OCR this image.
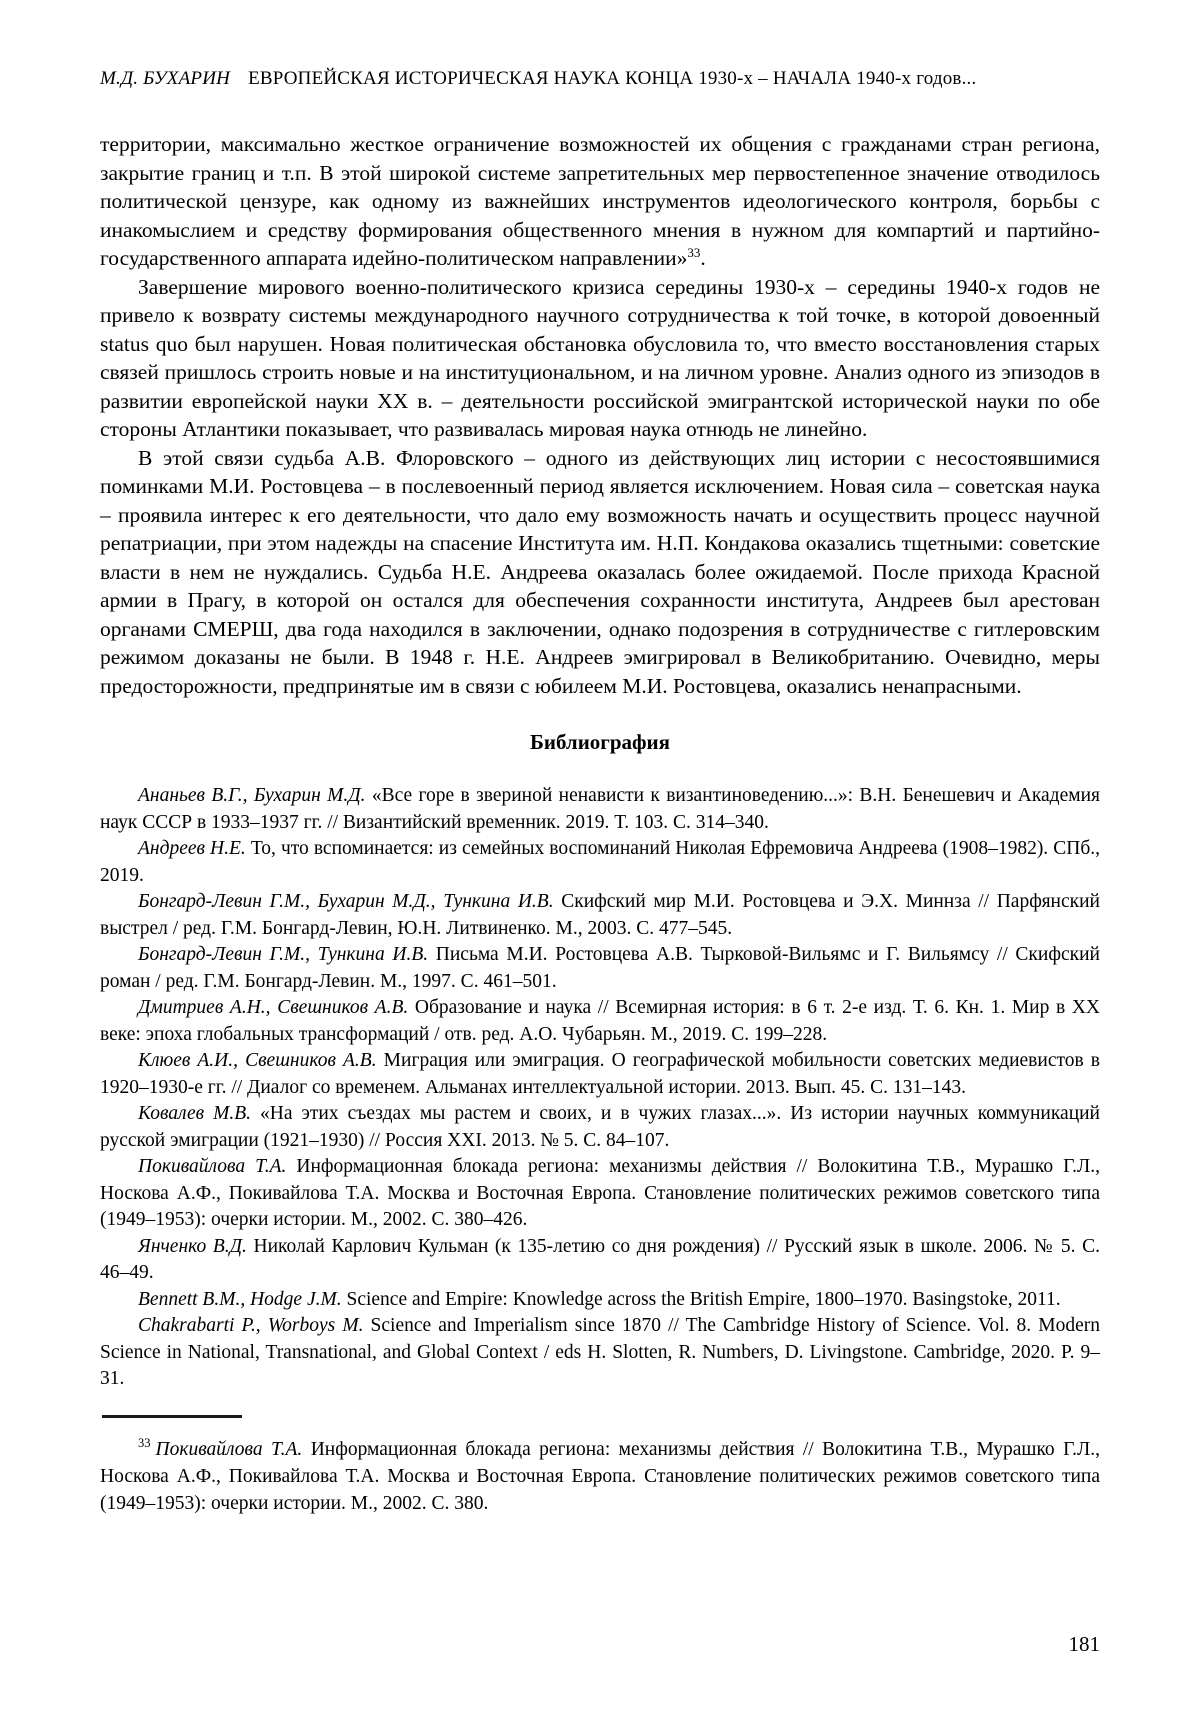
М.Д. БУХАРИН ЕВРОПЕЙСКАЯ ИСТОРИЧЕСКАЯ НАУКА КОНЦА 1930-х – НАЧАЛА 1940-х годов...

территории, максимально жесткое ограничение возможностей их общения с гражданами стран региона, закрытие границ и т.п. В этой широкой системе запретительных мер первостепенное значение отводилось политической цензуре, как одному из важнейших инструментов идеологического контроля, борьбы с инакомыслием и средству формирования общественного мнения в нужном для компартий и партийно-государственного аппарата идейно-политическом направлении»$^{33}$.

Завершение мирового военно-политического кризиса середины 1930-х – середины 1940-х годов не привело к возврату системы международного научного сотрудничества к той точке, в которой довоенный status quo был нарушен. Новая политическая обстановка обусловила то, что вместо восстановления старых связей пришлось строить новые и на институциональном, и на личном уровне. Анализ одного из эпизодов в развитии европейской науки XX в. – деятельности российской эмигрантской исторической науки по обе стороны Атлантики показывает, что развивалась мировая наука отнюдь не линейно.

В этой связи судьба А.В. Флоровского – одного из действующих лиц истории с несостоявшимися поминками М.И. Ростовцева – в послевоенный период является исключением. Новая сила – советская наука – проявила интерес к его деятельности, что дало ему возможность начать и осуществить процесс научной репатриации, при этом надежды на спасение Института им. Н.П. Кондакова оказались тщетными: советские власти в нем не нуждались. Судьба Н.Е. Андреева оказалась более ожидаемой. После прихода Красной армии в Прагу, в которой он остался для обеспечения сохранности института, Андреев был арестован органами СМЕРШ, два года находился в заключении, однако подозрения в сотрудничестве с гитлеровским режимом доказаны не были. В 1948 г. Н.Е. Андреев эмигрировал в Великобританию. Очевидно, меры предосторожности, предпринятые им в связи с юбилеем М.И. Ростовцева, оказались ненапрасными.

Библиография

Ананьев В.Г., Бухарин М.Д. «Все горе в звериной ненависти к византиноведению...»: В.Н. Бенешевич и Академия наук СССР в 1933–1937 гг. // Византийский временник. 2019. Т. 103. С. 314–340.

Андреев Н.Е. То, что вспоминается: из семейных воспоминаний Николая Ефремовича Андреева (1908–1982). СПб., 2019.

Бонгард-Левин Г.М., Бухарин М.Д., Тункина И.В. Скифский мир М.И. Ростовцева и Э.Х. Миннза // Парфянский выстрел / ред. Г.М. Бонгард-Левин, Ю.Н. Литвиненко. М., 2003. С. 477–545.

Бонгард-Левин Г.М., Тункина И.В. Письма М.И. Ростовцева А.В. Тырковой-Вильямс и Г. Вильямсу // Скифский роман / ред. Г.М. Бонгард-Левин. М., 1997. С. 461–501.

Дмитриев А.Н., Свешников А.В. Образование и наука // Всемирная история: в 6 т. 2-е изд. Т. 6. Кн. 1. Мир в XX веке: эпоха глобальных трансформаций / отв. ред. А.О. Чубарьян. М., 2019. С. 199–228.

Клюев А.И., Свешников А.В. Миграция или эмиграция. О географической мобильности советских медиевистов в 1920–1930-е гг. // Диалог со временем. Альманах интеллектуальной истории. 2013. Вып. 45. С. 131–143.

Ковалев М.В. «На этих съездах мы растем и своих, и в чужих глазах...». Из истории научных коммуникаций русской эмиграции (1921–1930) // Россия XXI. 2013. № 5. С. 84–107.

Покивайлова Т.А. Информационная блокада региона: механизмы действия // Волокитина Т.В., Мурашко Г.Л., Носкова А.Ф., Покивайлова Т.А. Москва и Восточная Европа. Становление политических режимов советского типа (1949–1953): очерки истории. М., 2002. С. 380–426.

Янченко В.Д. Николай Карлович Кульман (к 135-летию со дня рождения) // Русский язык в школе. 2006. № 5. С. 46–49.

Bennett B.M., Hodge J.M. Science and Empire: Knowledge across the British Empire, 1800–1970. Basingstoke, 2011.

Chakrabarti P., Worboys M. Science and Imperialism since 1870 // The Cambridge History of Science. Vol. 8. Modern Science in National, Transnational, and Global Context / eds H. Slotten, R. Numbers, D. Livingstone. Cambridge, 2020. P. 9–31.

$^{33}$ Покивайлова Т.А. Информационная блокада региона: механизмы действия // Волокитина Т.В., Мурашко Г.Л., Носкова А.Ф., Покивайлова Т.А. Москва и Восточная Европа. Становление политических режимов советского типа (1949–1953): очерки истории. М., 2002. С. 380.

181
